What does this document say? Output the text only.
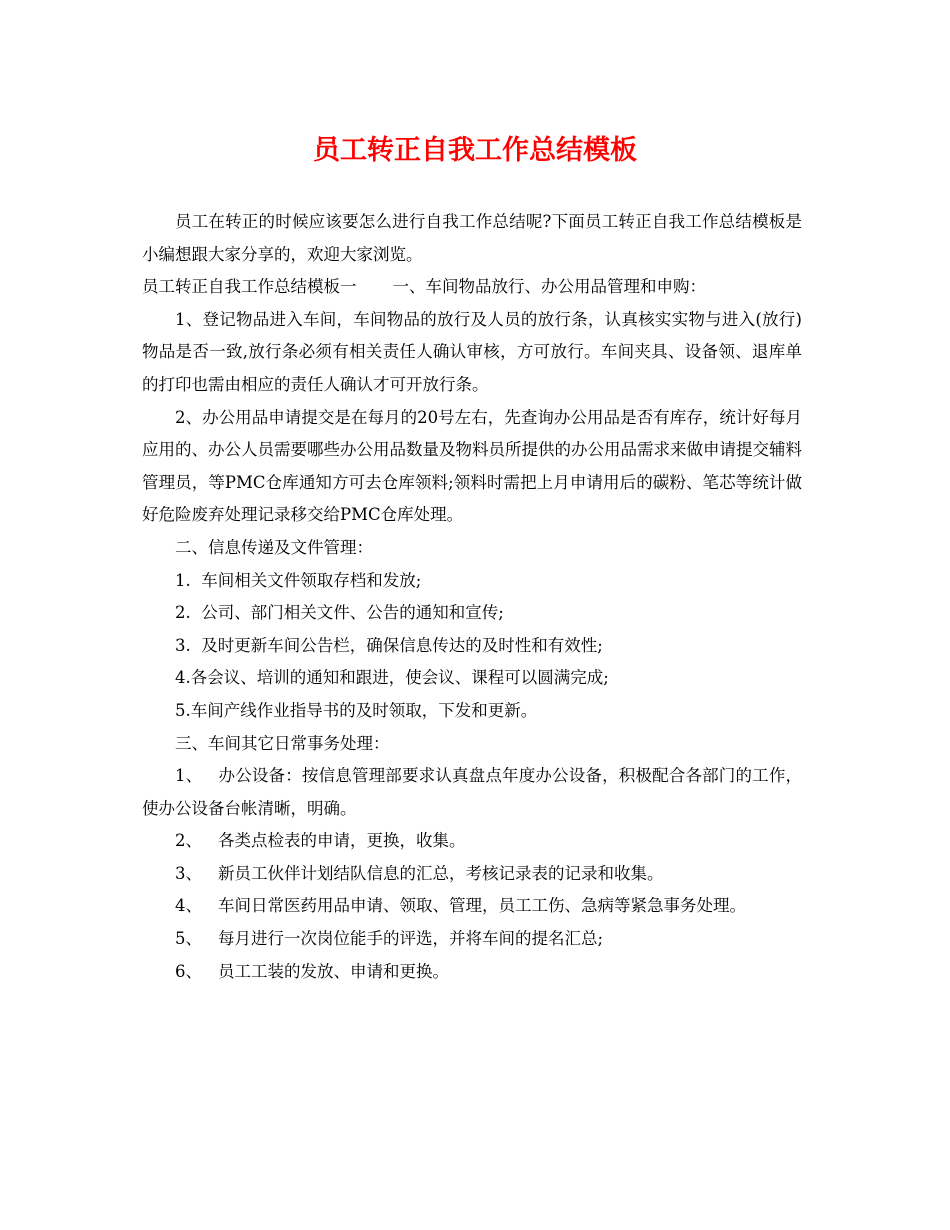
员工转正自我工作总结模板

员工在转正的时候应该要怎么进行自我工作总结呢?下面员工转正自我工作总结模板是小编想跟大家分享的，欢迎大家浏览。

员工转正自我工作总结模板一 一、车间物品放行、办公用品管理和申购：

1、登记物品进入车间，车间物品的放行及人员的放行条，认真核实实物与进入(放行)物品是否一致,放行条必须有相关责任人确认审核，方可放行。车间夹具、设备领、退库单的打印也需由相应的责任人确认才可开放行条。

2、办公用品申请提交是在每月的20号左右，先查询办公用品是否有库存，统计好每月应用的、办公人员需要哪些办公用品数量及物料员所提供的办公用品需求来做申请提交辅料管理员，等PMC仓库通知方可去仓库领料;领料时需把上月申请用后的碳粉、笔芯等统计做好危险废弃处理记录移交给PMC仓库处理。

二、信息传递及文件管理：

1.  车间相关文件领取存档和发放;

2.  公司、部门相关文件、公告的通知和宣传;

3.  及时更新车间公告栏，确保信息传达的及时性和有效性;

4.各会议、培训的通知和跟进，使会议、课程可以圆满完成;

5.车间产线作业指导书的及时领取，下发和更新。

三、车间其它日常事务处理：

1、 办公设备：按信息管理部要求认真盘点年度办公设备，积极配合各部门的工作，使办公设备台帐清晰，明确。

2、 各类点检表的申请，更换，收集。

3、 新员工伙伴计划结队信息的汇总，考核记录表的记录和收集。

4、 车间日常医药用品申请、领取、管理，员工工伤、急病等紧急事务处理。

5、 每月进行一次岗位能手的评选，并将车间的提名汇总;

6、 员工工装的发放、申请和更换。
